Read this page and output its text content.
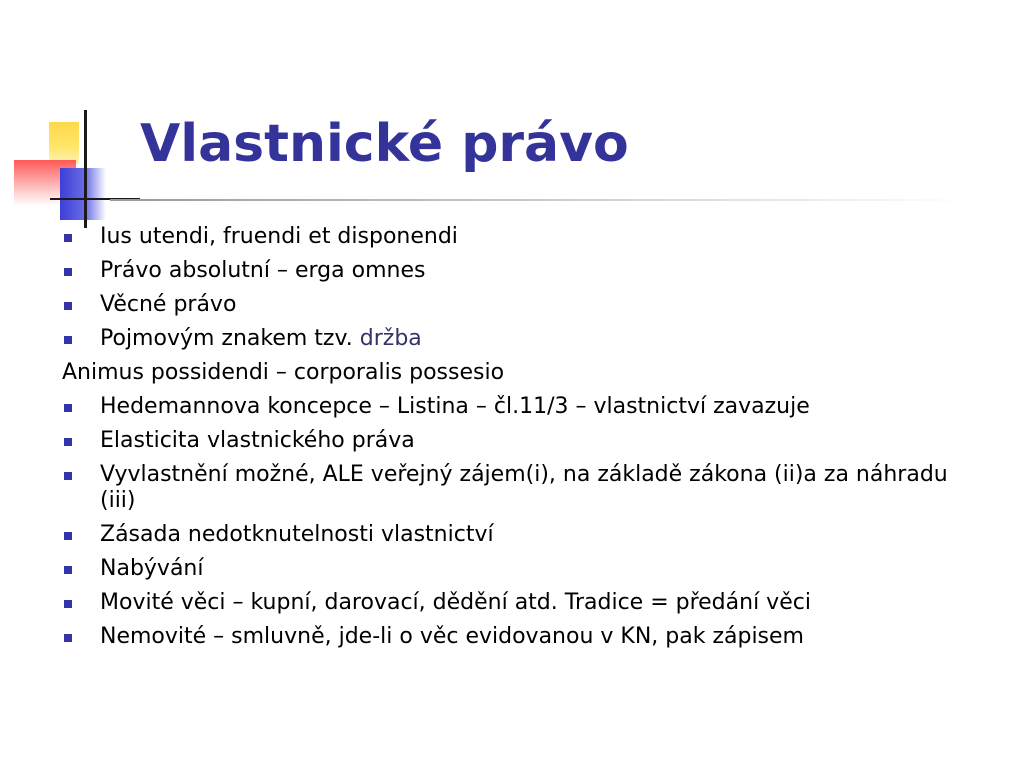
Vlastnické právo
Ius utendi, fruendi et disponendi
Právo absolutní – erga omnes
Věcné právo
Pojmovým znakem tzv. držba
Animus possidendi – corporalis possesio
Hedemannova koncepce – Listina – čl.11/3 – vlastnictví zavazuje
Elasticita vlastnického práva
Vyvlastnění možné, ALE veřejný zájem(i), na základě zákona (ii)a za náhradu (iii)
Zásada nedotknutelnosti vlastnictví
Nabývání
Movité věci – kupní, darovací, dědění atd. Tradice = předání věci
Nemovité – smluvně, jde-li o věc evidovanou v KN, pak zápisem
